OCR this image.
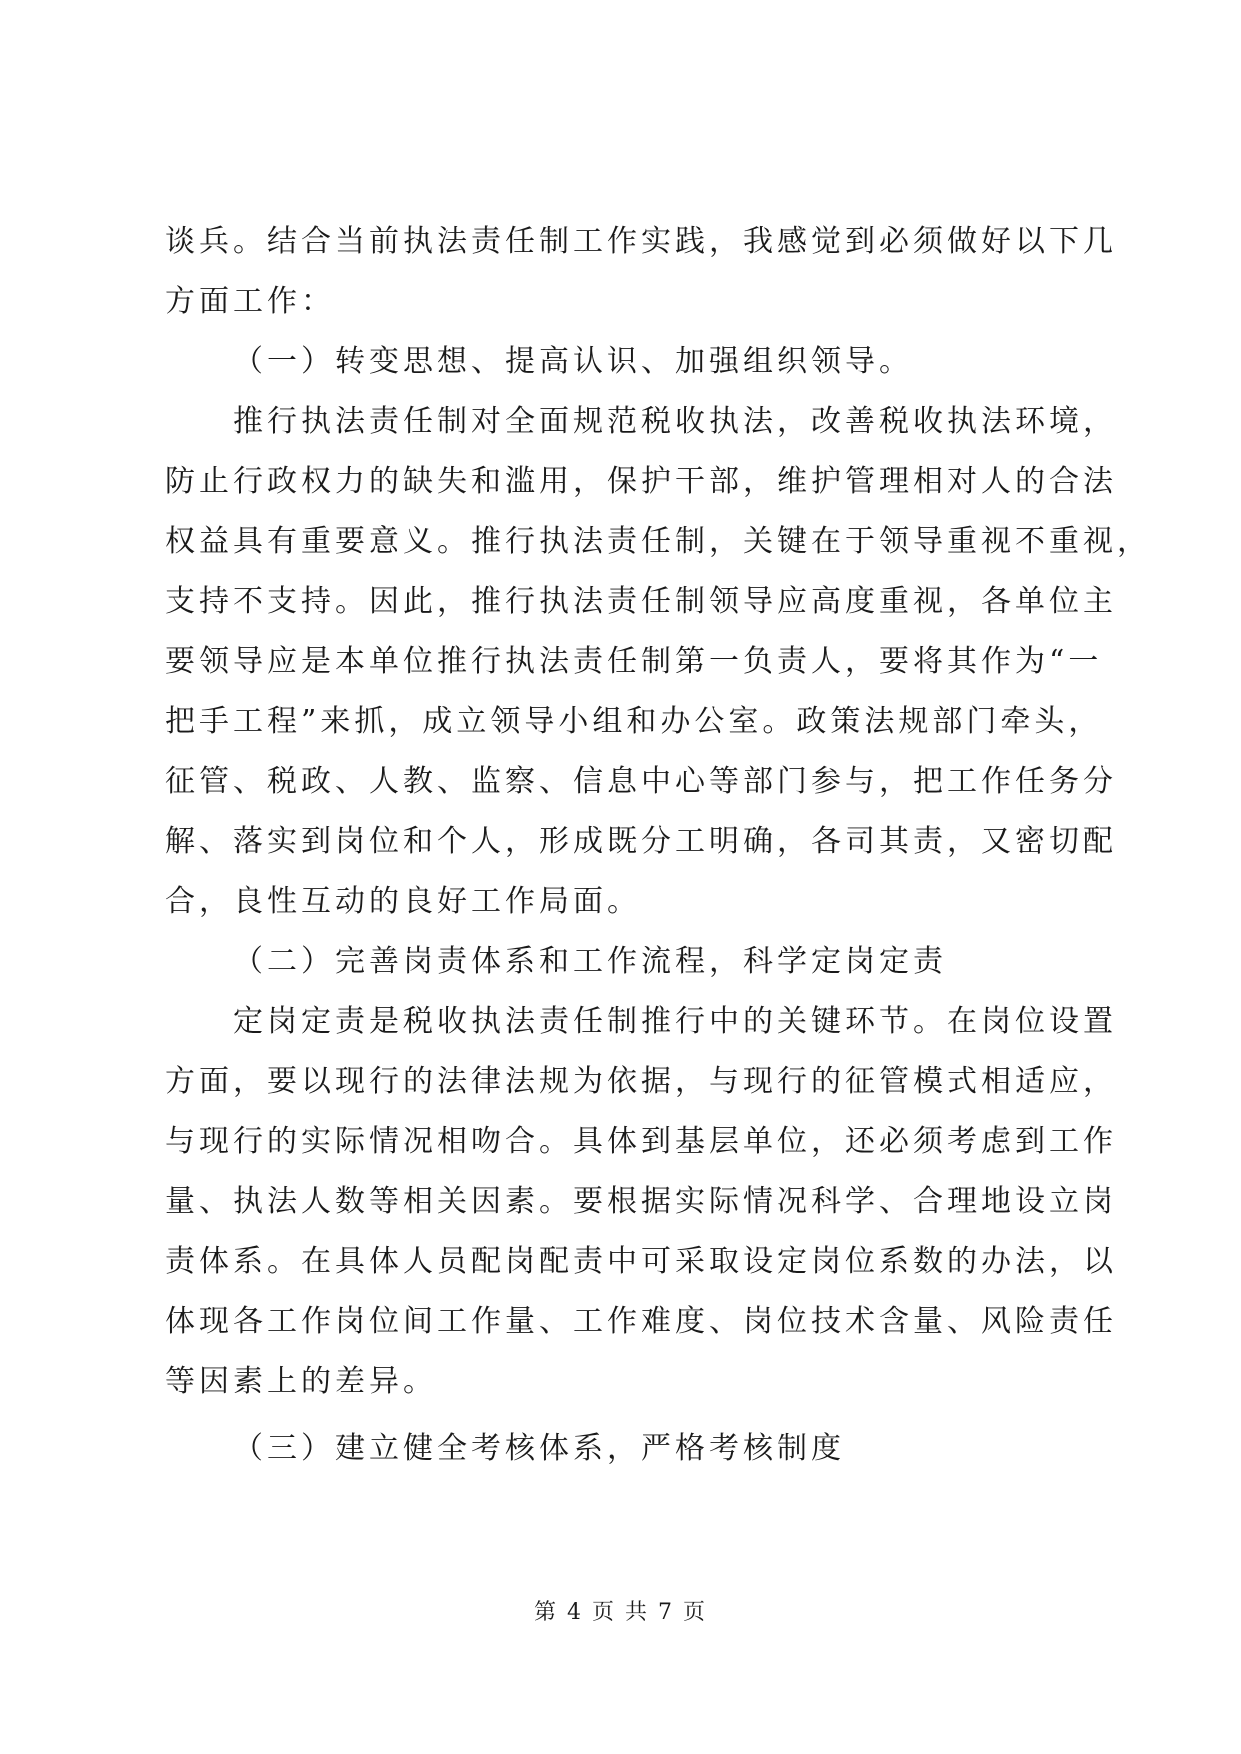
谈兵。结合当前执法责任制工作实践，我感觉到必须做好以下几
方面工作：
（一）转变思想、提高认识、加强组织领导。
推行执法责任制对全面规范税收执法，改善税收执法环境，
防止行政权力的缺失和滥用，保护干部，维护管理相对人的合法
权益具有重要意义。推行执法责任制，关键在于领导重视不重视，
支持不支持。因此，推行执法责任制领导应高度重视，各单位主
要领导应是本单位推行执法责任制第一负责人，要将其作为“一
把手工程”来抓，成立领导小组和办公室。政策法规部门牵头，
征管、税政、人教、监察、信息中心等部门参与，把工作任务分
解、落实到岗位和个人，形成既分工明确，各司其责，又密切配
合，良性互动的良好工作局面。
（二）完善岗责体系和工作流程，科学定岗定责
定岗定责是税收执法责任制推行中的关键环节。在岗位设置
方面，要以现行的法律法规为依据，与现行的征管模式相适应，
与现行的实际情况相吻合。具体到基层单位，还必须考虑到工作
量、执法人数等相关因素。要根据实际情况科学、合理地设立岗
责体系。在具体人员配岗配责中可采取设定岗位系数的办法，以
体现各工作岗位间工作量、工作难度、岗位技术含量、风险责任
等因素上的差异。
（三）建立健全考核体系，严格考核制度
第 4 页 共 7 页
